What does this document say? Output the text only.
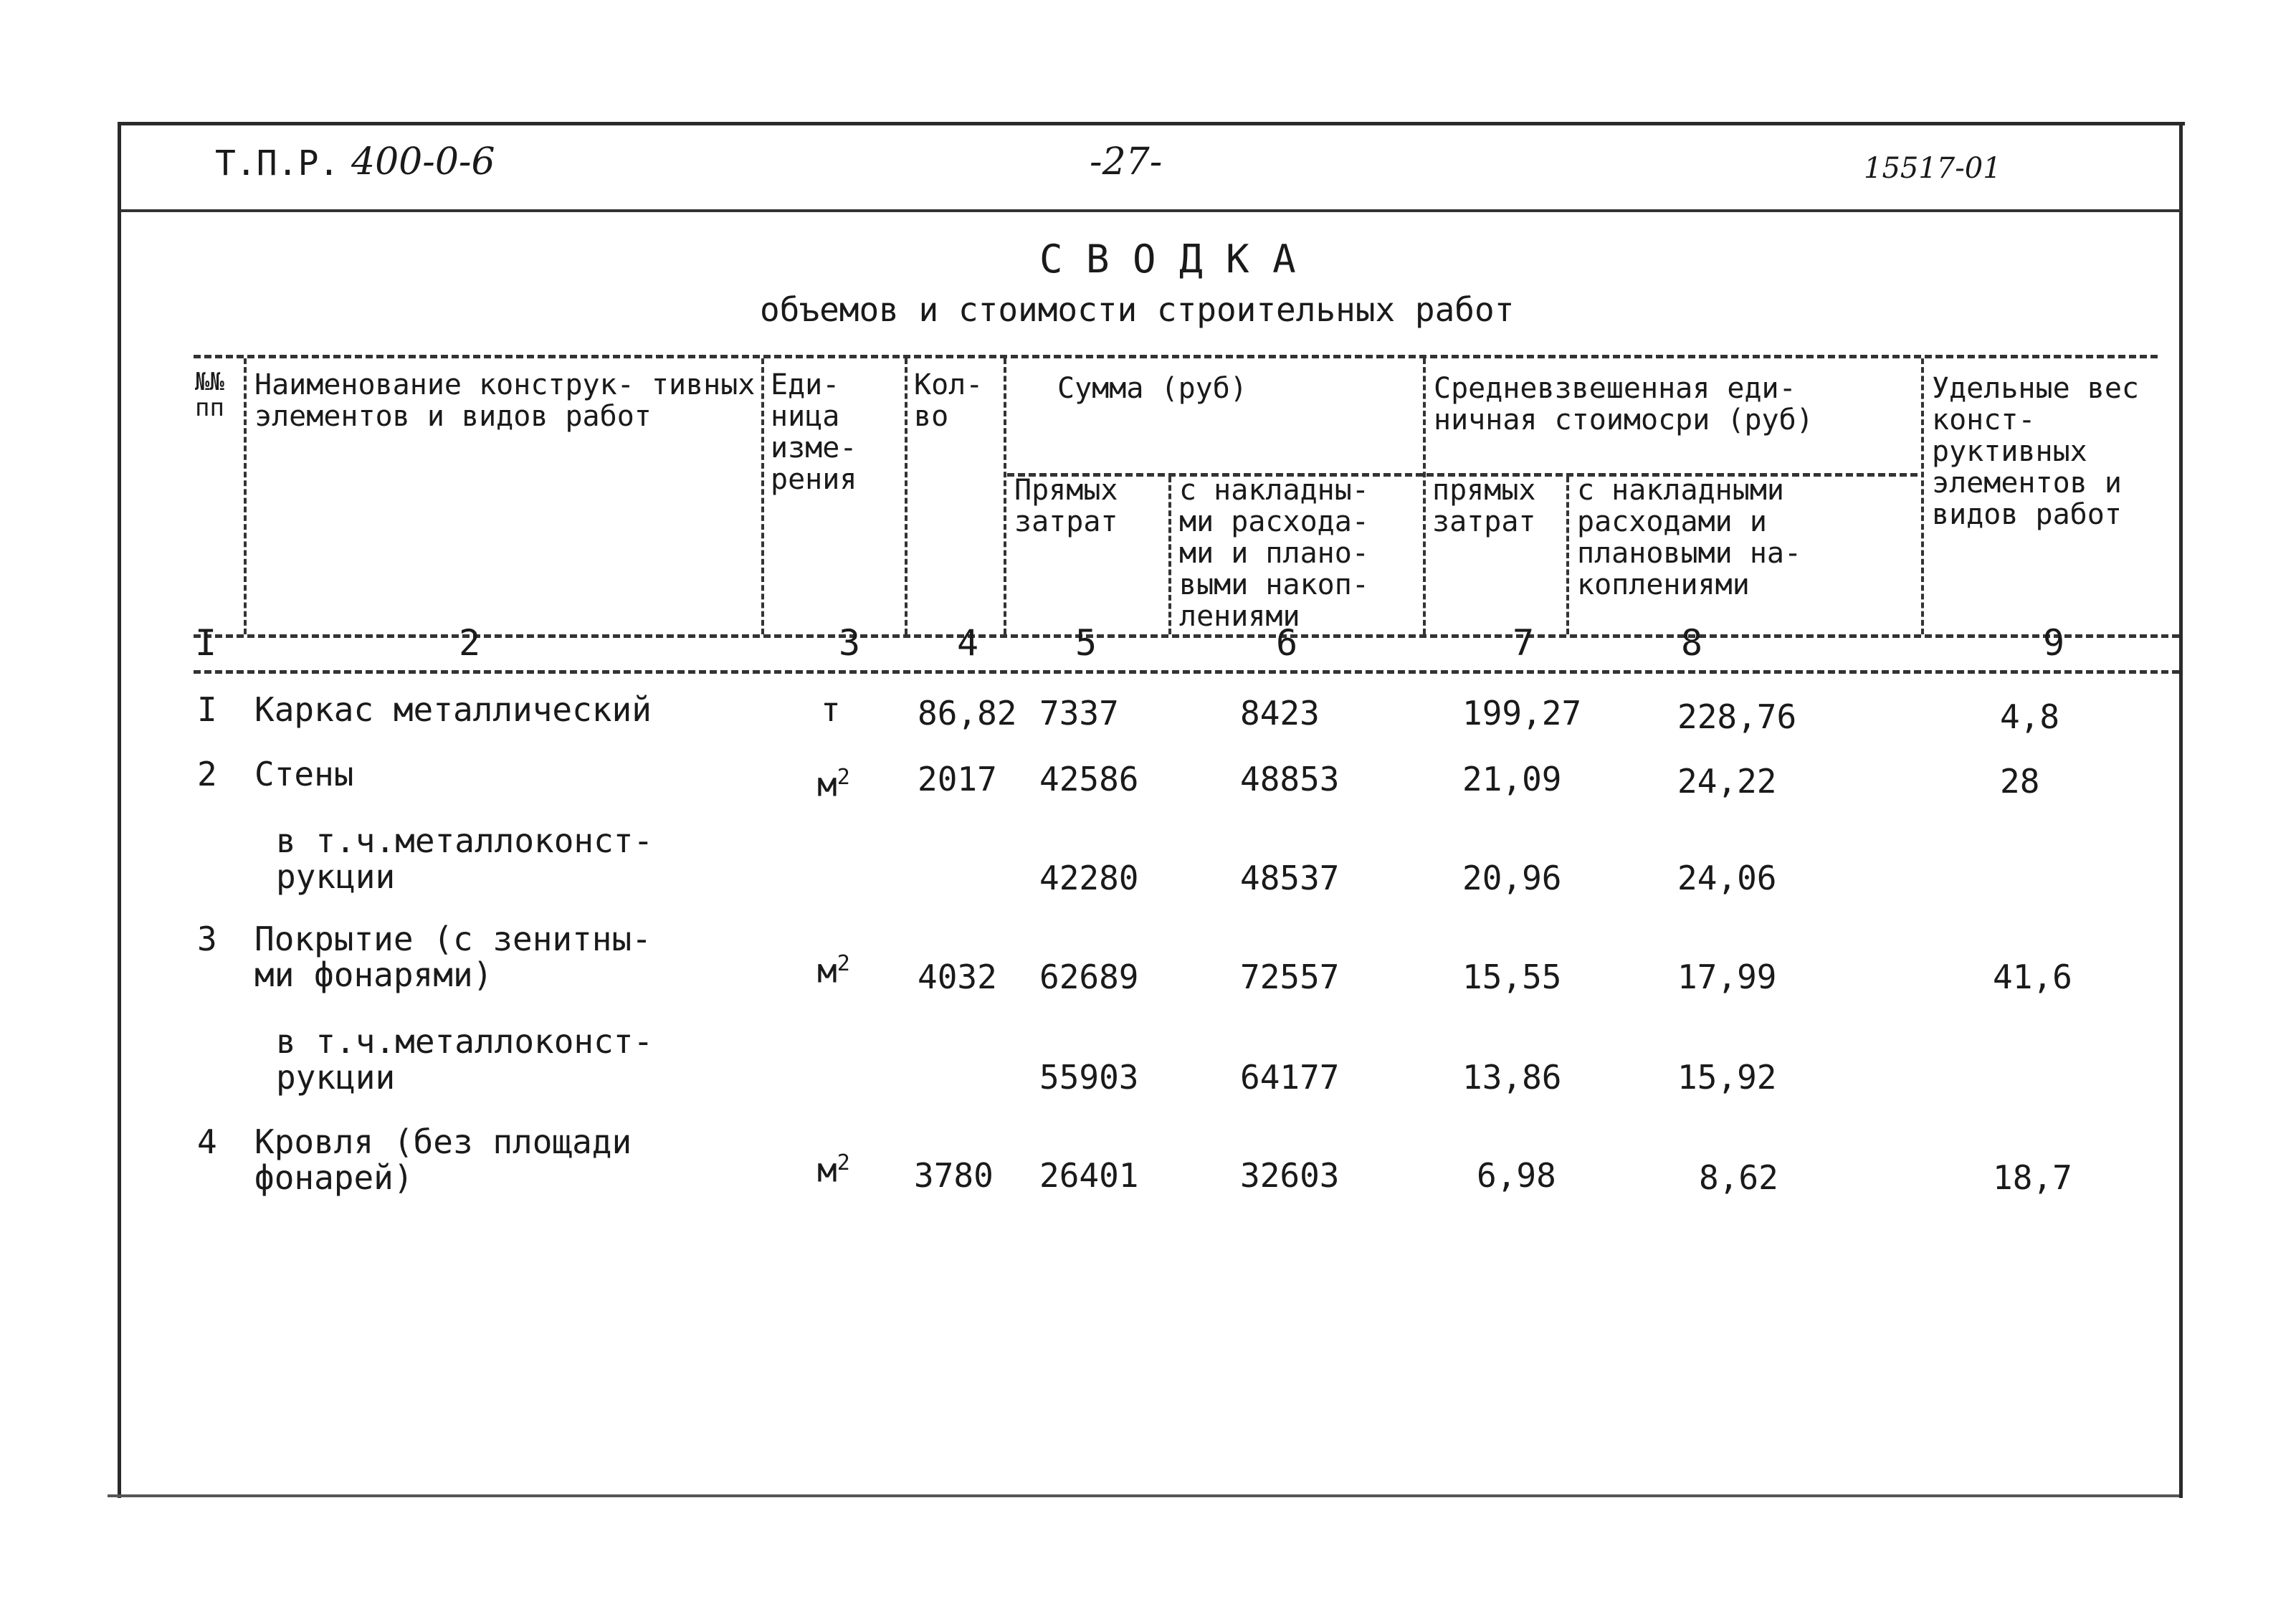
Т.П.Р. 400-0-6	-27-	15517-01
С В О Д К А
объемов и стоимости строительных работ
№№ пп
Наименование конструк- тивных элементов и видов работ
Еди- ница изме- рения
Кол- во
Сумма (руб)
Прямых затрат
с накладны- ми расхода- ми и плано- выми накоп- лениями
Средневзвешенная еди- ничная стоимосри (руб)
прямых затрат
с накладными расходами и плановыми на- коплениями
Удельные вес конст- руктивных элементов и видов работ
I	2	3	4	5	6	7	8	9
I Каркас металлический	т 86,82 7337	8423	199,27	228,76	4,8
2 Стены	$м^2$ 2017 42586	48853	21,09	24,22	28
в т.ч.металлоконст- рукции	42280	48537	20,96	24,06
3 Покрытие (с зенитны- ми фонарями)	$м^2$ 4032 62689	72557	15,55	17,99	41,6
в т.ч.металлоконст- рукции	55903	64177	13,86	15,92
4 Кровля (без площади фонарей)	$м^2$ 3780 26401	32603	6,98	8,62	18,7
